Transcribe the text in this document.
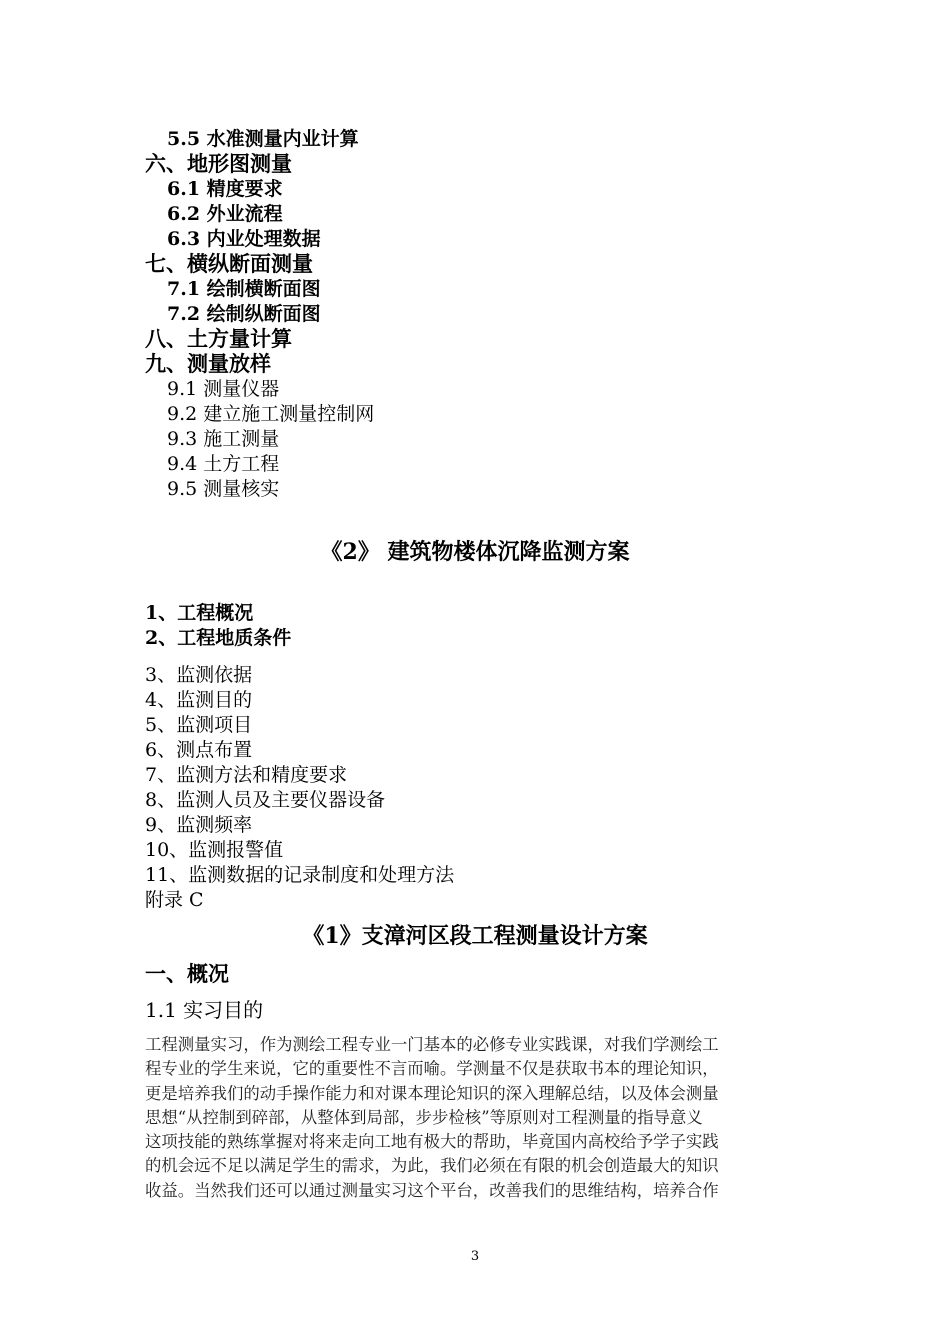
5.5 水准测量内业计算
六、地形图测量
6.1 精度要求
6.2 外业流程
6.3 内业处理数据
七、横纵断面测量
7.1 绘制横断面图
7.2 绘制纵断面图
八、土方量计算
九、测量放样
9.1 测量仪器
9.2 建立施工测量控制网
9.3 施工测量
9.4 土方工程
9.5 测量核实
《2》 建筑物楼体沉降监测方案
1、工程概况
2、工程地质条件
3、监测依据
4、监测目的
5、监测项目
6、测点布置
7、监测方法和精度要求
8、监测人员及主要仪器设备
9、监测频率
10、监测报警值
11、监测数据的记录制度和处理方法
附录 C
《1》支漳河区段工程测量设计方案
一、概况
1.1 实习目的
工程测量实习，作为测绘工程专业一门基本的必修专业实践课，对我们学测绘工
程专业的学生来说，它的重要性不言而喻。学测量不仅是获取书本的理论知识，
更是培养我们的动手操作能力和对课本理论知识的深入理解总结，以及体会测量
思想“从控制到碎部，从整体到局部，步步检核”等原则对工程测量的指导意义
这项技能的熟练掌握对将来走向工地有极大的帮助，毕竟国内高校给予学子实践
的机会远不足以满足学生的需求，为此，我们必须在有限的机会创造最大的知识
收益。当然我们还可以通过测量实习这个平台，改善我们的思维结构，培养合作
3
